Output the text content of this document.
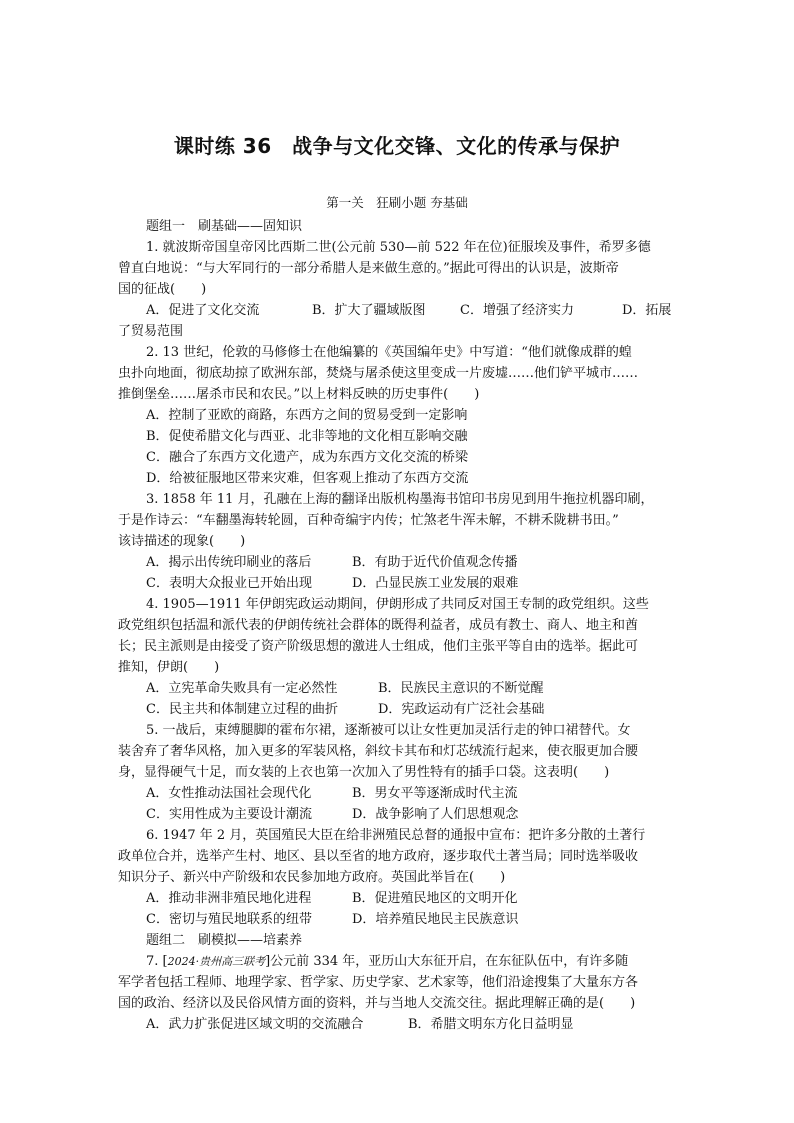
课时练 36　战争与文化交锋、文化的传承与保护
第一关　狂刷小题 夯基础
题组一　刷基础——固知识
1. 就波斯帝国皇帝冈比西斯二世(公元前 530—前 522 年在位)征服埃及事件，希罗多德
曾直白地说：“与大军同行的一部分希腊人是来做生意的。”据此可得出的认识是，波斯帝
国的征战(　　)
A．促进了文化交流	B．扩大了疆域版图	C．增强了经济实力	D．拓展
了贸易范围
2. 13 世纪，伦敦的马修修士在他编纂的《英国编年史》中写道：“他们就像成群的蝗
虫扑向地面，彻底劫掠了欧洲东部，焚烧与屠杀使这里变成一片废墟……他们铲平城市……
推倒堡垒……屠杀市民和农民。”以上材料反映的历史事件(　　)
A．控制了亚欧的商路，东西方之间的贸易受到一定影响
B．促使希腊文化与西亚、北非等地的文化相互影响交融
C．融合了东西方文化遗产，成为东西方文化交流的桥梁
D．给被征服地区带来灾难，但客观上推动了东西方交流
3. 1858 年 11 月，孔融在上海的翻译出版机构墨海书馆印书房见到用牛拖拉机器印刷，
于是作诗云：“车翻墨海转轮圆，百种奇编宇内传；忙煞老牛浑未解，不耕禾陇耕书田。”
该诗描述的现象(　　)
A．揭示出传统印刷业的落后	B．有助于近代价值观念传播
C．表明大众报业已开始出现	D．凸显民族工业发展的艰难
4. 1905—1911 年伊朗宪政运动期间，伊朗形成了共同反对国王专制的政党组织。这些
政党组织包括温和派代表的伊朗传统社会群体的既得利益者，成员有教士、商人、地主和酋
长；民主派则是由接受了资产阶级思想的激进人士组成，他们主张平等自由的选举。据此可
推知，伊朗(　　)
A．立宪革命失败具有一定必然性	B．民族民主意识的不断觉醒
C．民主共和体制建立过程的曲折	D．宪政运动有广泛社会基础
5. 一战后，束缚腿脚的霍布尔裙，逐渐被可以让女性更加灵活行走的钟口裙替代。女
装舍弃了奢华风格，加入更多的军装风格，斜纹卡其布和灯芯绒流行起来，使衣服更加合腰
身，显得硬气十足，而女装的上衣也第一次加入了男性特有的插手口袋。这表明(　　)
A．女性推动法国社会现代化	B．男女平等逐渐成时代主流
C．实用性成为主要设计潮流	D．战争影响了人们思想观念
6. 1947 年 2 月，英国殖民大臣在给非洲殖民总督的通报中宣布：把许多分散的土著行
政单位合并，选举产生村、地区、县以至省的地方政府，逐步取代土著当局；同时选举吸收
知识分子、新兴中产阶级和农民参加地方政府。英国此举旨在(　　)
A．推动非洲非殖民地化进程	B．促进殖民地区的文明开化
C．密切与殖民地联系的纽带	D．培养殖民地民主民族意识
题组二　刷模拟——培素养
7. [2024·贵州高三联考]公元前 334 年，亚历山大东征开启，在东征队伍中，有许多随
军学者包括工程师、地理学家、哲学家、历史学家、艺术家等，他们沿途搜集了大量东方各
国的政治、经济以及民俗风情方面的资料，并与当地人交流交往。据此理解正确的是(　　)
A．武力扩张促进区域文明的交流融合	B．希腊文明东方化日益明显
